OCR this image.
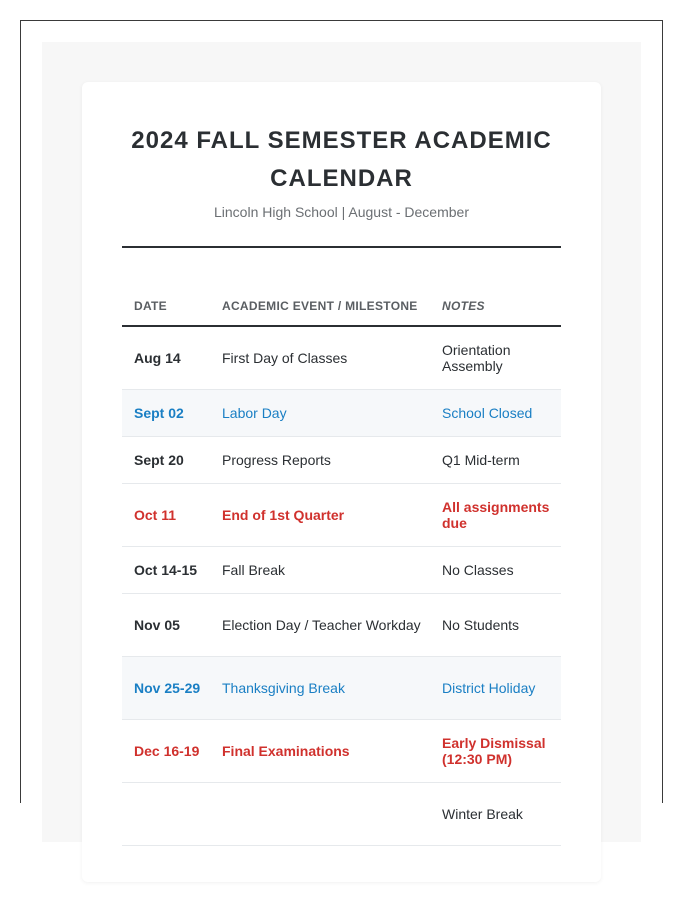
2024 FALL SEMESTER ACADEMIC CALENDAR

Lincoln High School | August - December

DATE	ACADEMIC EVENT / MILESTONE	NOTES
Aug 14	First Day of Classes	Orientation Assembly
Sept 02	Labor Day	School Closed
Sept 20	Progress Reports	Q1 Mid-term
Oct 11	End of 1st Quarter	All assignments due
Oct 14-15	Fall Break	No Classes
Nov 05	Election Day / Teacher Workday	No Students
Nov 25-29	Thanksgiving Break	District Holiday
Dec 16-19	Final Examinations	Early Dismissal (12:30 PM)
		Winter Break
